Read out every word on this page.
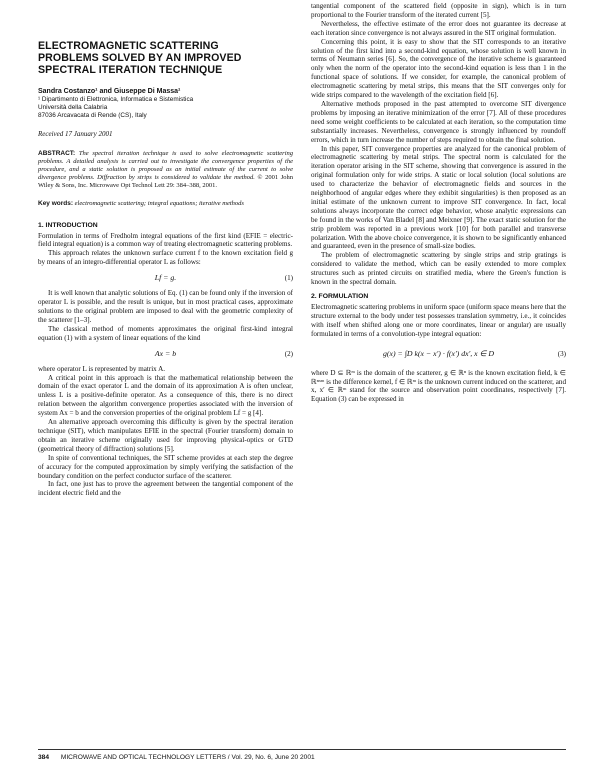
ELECTROMAGNETIC SCATTERING
PROBLEMS SOLVED BY AN IMPROVED
SPECTRAL ITERATION TECHNIQUE
Sandra Costanzo¹ and Giuseppe Di Massa¹
¹ Dipartimento di Elettronica, Informatica e Sistemistica
Università della Calabria
87036 Arcavacata di Rende (CS), Italy
Received 17 January 2001
ABSTRACT: The spectral iteration technique is used to solve electromagnetic scattering problems. A detailed analysis is carried out to investigate the convergence properties of the procedure, and a static solution is proposed as an initial estimate of the current to solve divergence problems. Diffraction by strips is considered to validate the method. © 2001 John Wiley & Sons, Inc. Microwave Opt Technol Lett 29: 384–388, 2001.
Key words: electromagnetic scattering; integral equations; iterative methods
1. INTRODUCTION

Formulation in terms of Fredholm integral equations of the first kind (EFIE = electric-field integral equation) is a common way of treating electromagnetic scattering problems.

This approach relates the unknown surface current f to the known excitation field g by means of an integro-differential operator L as follows:

Lf = g.	(1)

It is well known that analytic solutions of Eq. (1) can be found only if the inversion of operator L is possible, and the result is unique, but in most practical cases, approximate solutions to the original problem are imposed to deal with the geometric complexity of the scatterer [1–3].

The classical method of moments approximates the original first-kind integral equation (1) with a system of linear equations of the kind

Ax = b	(2)

where operator L is represented by matrix A.

A critical point in this approach is that the mathematical relationship between the domain of the exact operator L and the domain of its approximation A is often unclear, unless L is a positive-definite operator. As a consequence of this, there is no direct relation between the algorithm convergence properties associated with the inversion of system Ax = b and the conversion properties of the original problem Lf = g [4].

An alternative approach overcoming this difficulty is given by the spectral iteration technique (SIT), which manipulates EFIE in the spectral (Fourier transform) domain to obtain an iterative scheme originally used for improving physical-optics or GTD (geometrical theory of diffraction) solutions [5].

In spite of conventional techniques, the SIT scheme provides at each step the degree of accuracy for the computed approximation by simply verifying the satisfaction of the boundary condition on the perfect conductor surface of the scatterer.

In fact, one just has to prove the agreement between the tangential component of the incident electric field and the

tangential component of the scattered field (opposite in sign), which is in turn proportional to the Fourier transform of the iterated current [5].

Nevertheless, the effective estimate of the error does not guarantee its decrease at each iteration since convergence is not always assured in the SIT original formulation.

Concerning this point, it is easy to show that the SIT corresponds to an iterative solution of the first kind into a second-kind equation, whose solution is well known in terms of Neumann series [6]. So, the convergence of the iterative scheme is guaranteed only when the norm of the operator into the second-kind equation is less than 1 in the functional space of solutions. If we consider, for example, the canonical problem of electromagnetic scattering by metal strips, this means that the SIT converges only for wide strips compared to the wavelength of the excitation field [6].

Alternative methods proposed in the past attempted to overcome SIT divergence problems by imposing an iterative minimization of the error [7]. All of these procedures need some weight coefficients to be calculated at each iteration, so the computation time substantially increases. Nevertheless, convergence is strongly influenced by roundoff errors, which in turn increase the number of steps required to obtain the final solution.

In this paper, SIT convergence properties are analyzed for the canonical problem of electromagnetic scattering by metal strips. The spectral norm is calculated for the iteration operator arising in the SIT scheme, showing that convergence is assured in the original formulation only for wide strips. A static or local solution (local solutions are used to characterize the behavior of electromagnetic fields and sources in the neighborhood of angular edges where they exhibit singularities) is then proposed as an initial estimate of the unknown current to improve SIT convergence. In fact, local solutions always incorporate the correct edge behavior, whose analytic expressions can be found in the works of Van Bladel [8] and Meixner [9]. The exact static solution for the strip problem was reported in a previous work [10] for both parallel and transverse polarization. With the above choice convergence, it is shown to be significantly enhanced and guaranteed, even in the presence of small-size bodies.

The problem of electromagnetic scattering by single strips and strip gratings is considered to validate the method, which can be easily extended to more complex structures such as printed circuits on stratified media, where the Green's function is known in the spectral domain.

2. FORMULATION

Electromagnetic scattering problems in uniform space (uniform space means here that the structure external to the body under test possesses translation symmetry, i.e., it coincides with itself when shifted along one or more coordinates, linear or angular) are usually formulated in terms of a convolution-type integral equation:

g(x) = ∫D k(x − x′) · f(x′) dx′, x ∈ D	(3)

where D ⊆ ℝᵐ is the domain of the scatterer, g ∈ ℝⁿ is the known excitation field, k ∈ ℝⁿˣᵐ is the difference kernel, f ∈ ℝᵐ is the unknown current induced on the scatterer, and x, x′ ∈ ℝᵐ stand for the source and observation point coordinates, respectively [7]. Equation (3) can be expressed in

384 MICROWAVE AND OPTICAL TECHNOLOGY LETTERS / Vol. 29, No. 6, June 20 2001
